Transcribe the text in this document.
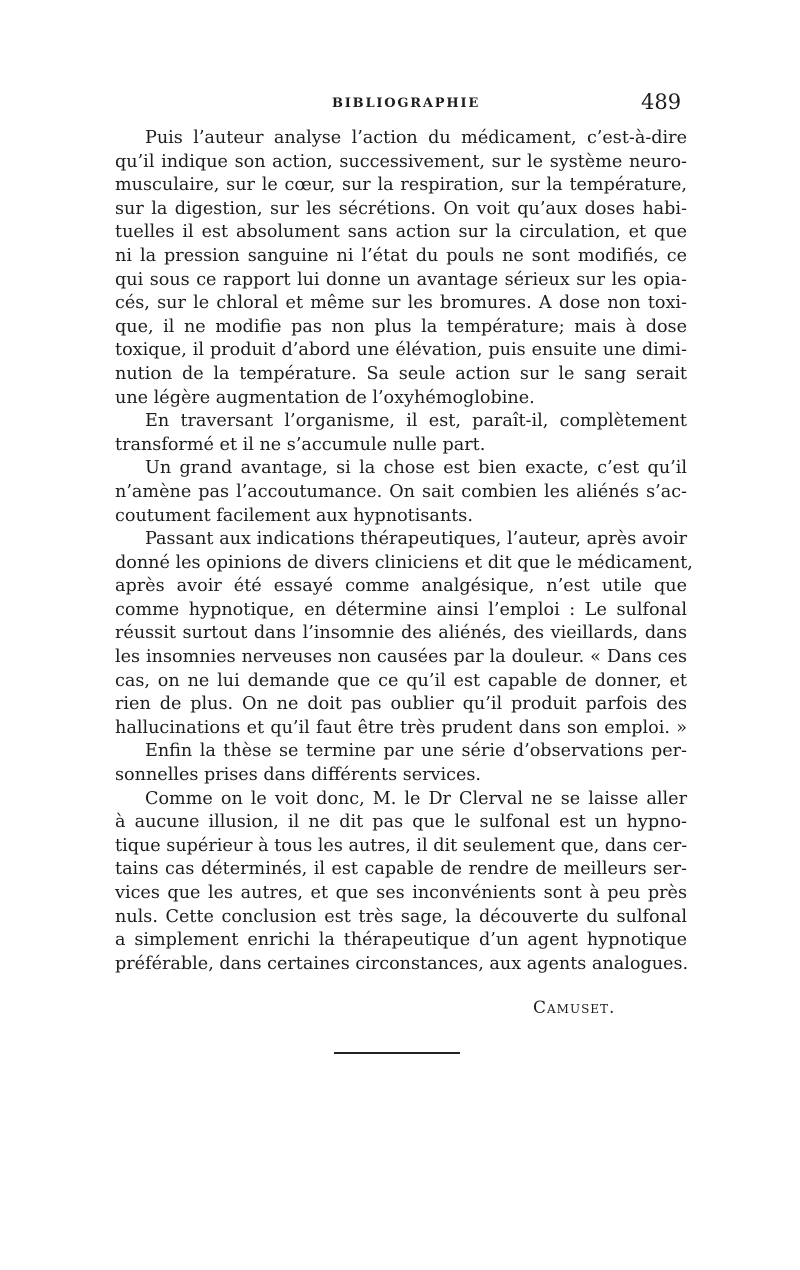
BIBLIOGRAPHIE	489
Puis l’auteur analyse l’action du médicament, c’est-à-dire
qu’il indique son action, successivement, sur le système neuro-
musculaire, sur le cœur, sur la respiration, sur la température,
sur la digestion, sur les sécrétions. On voit qu’aux doses habi-
tuelles il est absolument sans action sur la circulation, et que
ni la pression sanguine ni l’état du pouls ne sont modifiés, ce
qui sous ce rapport lui donne un avantage sérieux sur les opia-
cés, sur le chloral et même sur les bromures. A dose non toxi-
que, il ne modifie pas non plus la température; mais à dose
toxique, il produit d’abord une élévation, puis ensuite une dimi-
nution de la température. Sa seule action sur le sang serait
une légère augmentation de l’oxyhémoglobine.
En traversant l’organisme, il est, paraît-il, complètement
transformé et il ne s’accumule nulle part.
Un grand avantage, si la chose est bien exacte, c’est qu’il
n’amène pas l’accoutumance. On sait combien les aliénés s’ac-
coutument facilement aux hypnotisants.
Passant aux indications thérapeutiques, l’auteur, après avoir
donné les opinions de divers cliniciens et dit que le médicament,
après avoir été essayé comme analgésique, n’est utile que
comme hypnotique, en détermine ainsi l’emploi : Le sulfonal
réussit surtout dans l’insomnie des aliénés, des vieillards, dans
les insomnies nerveuses non causées par la douleur. « Dans ces
cas, on ne lui demande que ce qu’il est capable de donner, et
rien de plus. On ne doit pas oublier qu’il produit parfois des
hallucinations et qu’il faut être très prudent dans son emploi. »
Enfin la thèse se termine par une série d’observations per-
sonnelles prises dans différents services.
Comme on le voit donc, M. le Dr Clerval ne se laisse aller
à aucune illusion, il ne dit pas que le sulfonal est un hypno-
tique supérieur à tous les autres, il dit seulement que, dans cer-
tains cas déterminés, il est capable de rendre de meilleurs ser-
vices que les autres, et que ses inconvénients sont à peu près
nuls. Cette conclusion est très sage, la découverte du sulfonal
a simplement enrichi la thérapeutique d’un agent hypnotique
préférable, dans certaines circonstances, aux agents analogues.
Camuset.
